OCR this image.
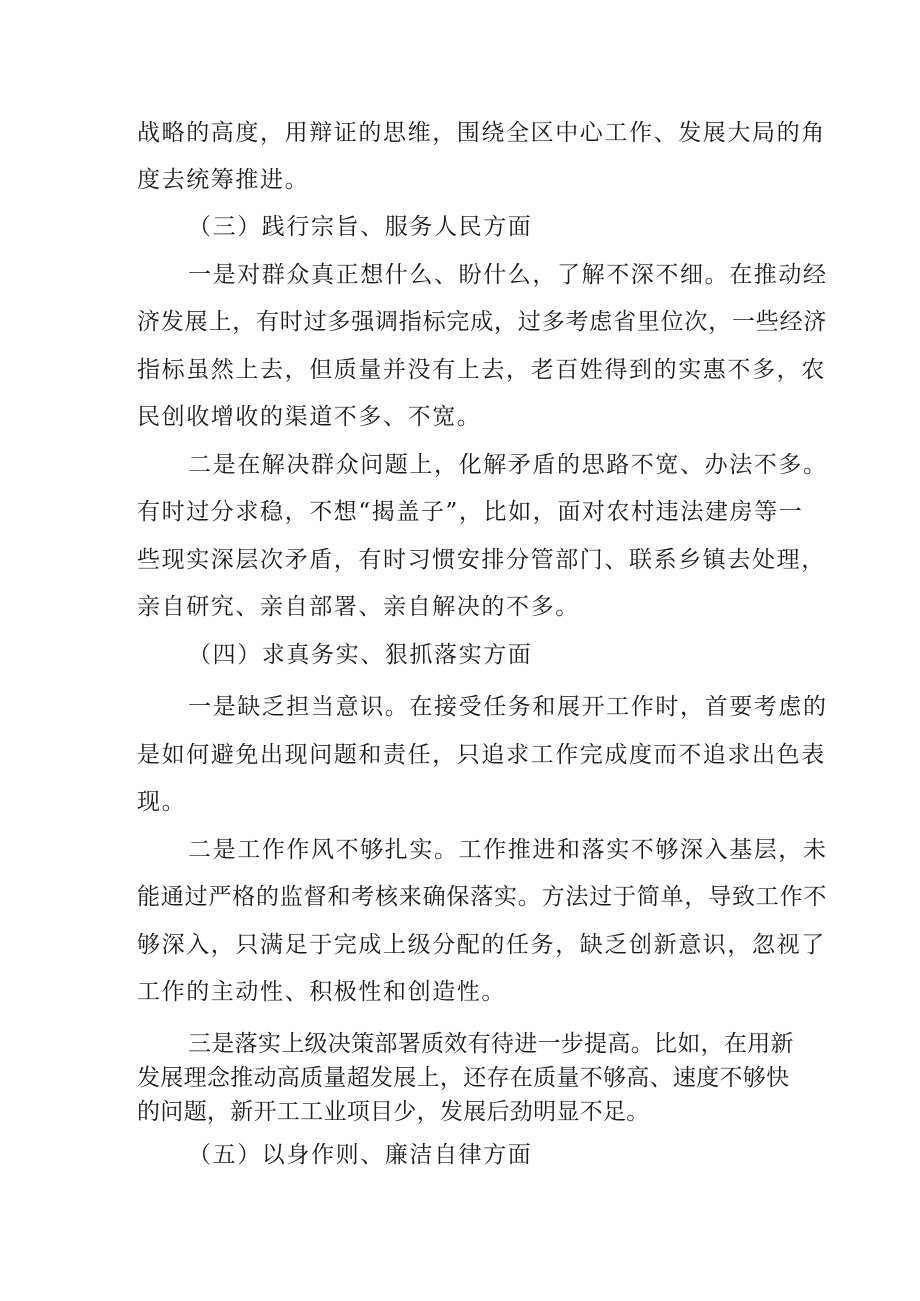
战略的高度，用辩证的思维，围绕全区中心工作、发展大局的角
度去统筹推进。
（三）践行宗旨、服务人民方面
一是对群众真正想什么、盼什么，了解不深不细。在推动经
济发展上，有时过多强调指标完成，过多考虑省里位次，一些经济
指标虽然上去，但质量并没有上去，老百姓得到的实惠不多，农
民创收增收的渠道不多、不宽。
二是在解决群众问题上，化解矛盾的思路不宽、办法不多。
有时过分求稳，不想“揭盖子”，比如，面对农村违法建房等一
些现实深层次矛盾，有时习惯安排分管部门、联系乡镇去处理，
亲自研究、亲自部署、亲自解决的不多。
（四）求真务实、狠抓落实方面
一是缺乏担当意识。在接受任务和展开工作时，首要考虑的
是如何避免出现问题和责任，只追求工作完成度而不追求出色表
现。
二是工作作风不够扎实。工作推进和落实不够深入基层，未
能通过严格的监督和考核来确保落实。方法过于简单，导致工作不
够深入，只满足于完成上级分配的任务，缺乏创新意识，忽视了
工作的主动性、积极性和创造性。
三是落实上级决策部署质效有待进一步提高。比如，在用新
发展理念推动高质量超发展上，还存在质量不够高、速度不够快
的问题，新开工工业项目少，发展后劲明显不足。
（五）以身作则、廉洁自律方面
